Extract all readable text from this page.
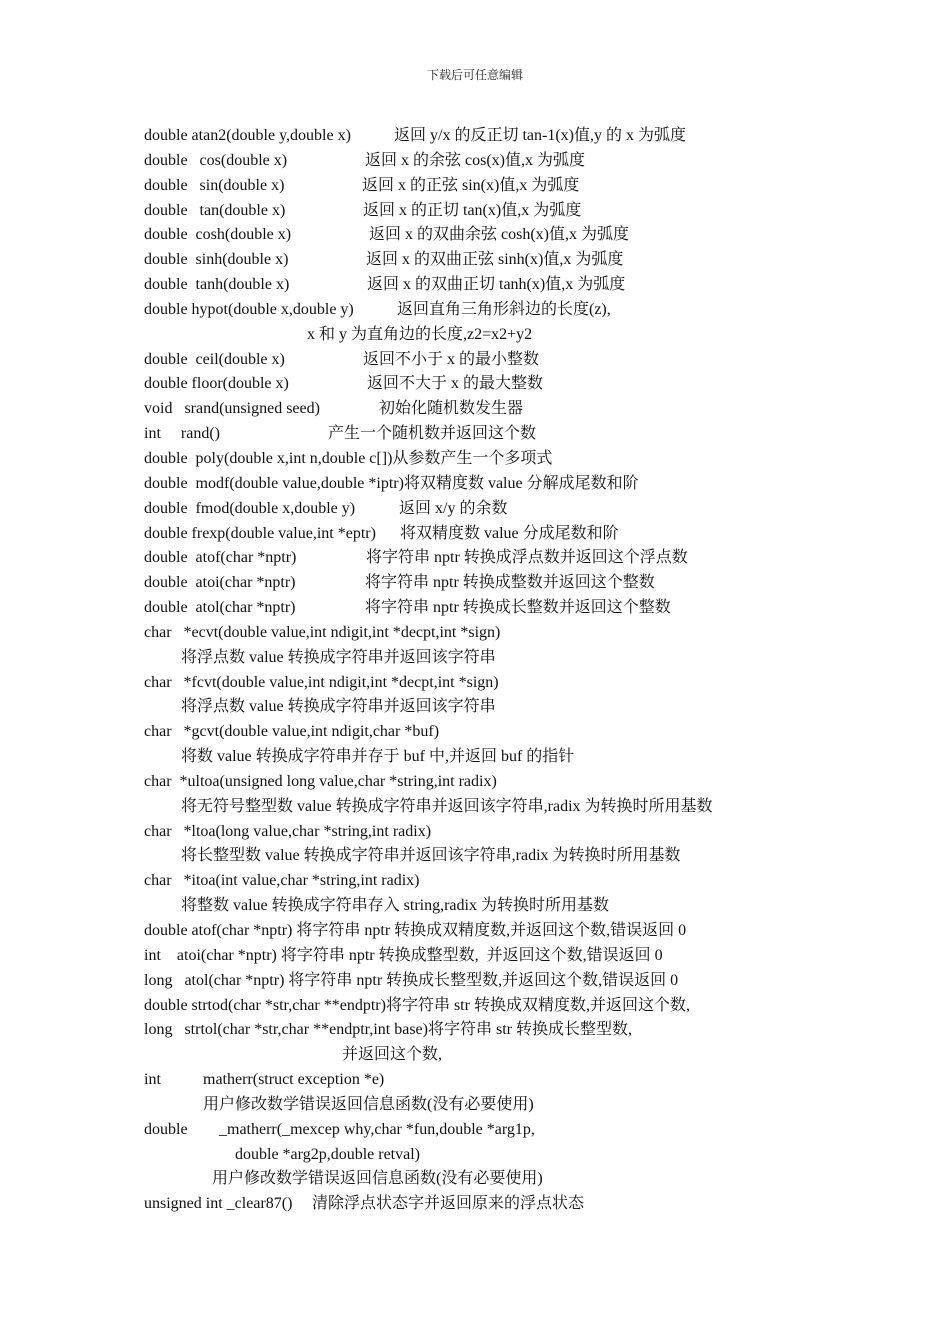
下载后可任意编辑
double atan2(double y,double x)	返回 y/x 的反正切 tan-1(x)值,y 的 x 为弧度
double   cos(double x)	返回 x 的余弦 cos(x)值,x 为弧度
double   sin(double x)	返回 x 的正弦 sin(x)值,x 为弧度
double   tan(double x)	返回 x 的正切 tan(x)值,x 为弧度
double  cosh(double x)	返回 x 的双曲余弦 cosh(x)值,x 为弧度
double  sinh(double x)	返回 x 的双曲正弦 sinh(x)值,x 为弧度
double  tanh(double x)	返回 x 的双曲正切 tanh(x)值,x 为弧度
double hypot(double x,double y)	返回直角三角形斜边的长度(z),
x 和 y 为直角边的长度,z2=x2+y2
double  ceil(double x)	返回不小于 x 的最小整数
double floor(double x)	返回不大于 x 的最大整数
void   srand(unsigned seed)	初始化随机数发生器
int     rand()	产生一个随机数并返回这个数
double  poly(double x,int n,double c[])从参数产生一个多项式
double  modf(double value,double *iptr)将双精度数 value 分解成尾数和阶
double  fmod(double x,double y)	返回 x/y 的余数
double frexp(double value,int *eptr) 将双精度数 value 分成尾数和阶
double  atof(char *nptr)	将字符串 nptr 转换成浮点数并返回这个浮点数
double  atoi(char *nptr)	将字符串 nptr 转换成整数并返回这个整数
double  atol(char *nptr)	将字符串 nptr 转换成长整数并返回这个整数
char   *ecvt(double value,int ndigit,int *decpt,int *sign)
将浮点数 value 转换成字符串并返回该字符串
char   *fcvt(double value,int ndigit,int *decpt,int *sign)
将浮点数 value 转换成字符串并返回该字符串
char   *gcvt(double value,int ndigit,char *buf)
将数 value 转换成字符串并存于 buf 中,并返回 buf 的指针
char  *ultoa(unsigned long value,char *string,int radix)
将无符号整型数 value 转换成字符串并返回该字符串,radix 为转换时所用基数
char   *ltoa(long value,char *string,int radix)
将长整型数 value 转换成字符串并返回该字符串,radix 为转换时所用基数
char   *itoa(int value,char *string,int radix)
将整数 value 转换成字符串存入 string,radix 为转换时所用基数
double atof(char *nptr) 将字符串 nptr 转换成双精度数,并返回这个数,错误返回 0
int    atoi(char *nptr) 将字符串 nptr 转换成整型数,  并返回这个数,错误返回 0
long   atol(char *nptr) 将字符串 nptr 转换成长整型数,并返回这个数,错误返回 0
double strtod(char *str,char **endptr)将字符串 str 转换成双精度数,并返回这个数,
long   strtol(char *str,char **endptr,int base)将字符串 str 转换成长整型数,
并返回这个数,
int	matherr(struct exception *e)
用户修改数学错误返回信息函数(没有必要使用)
double _matherr(_mexcep why,char *fun,double *arg1p,
double *arg2p,double retval)
用户修改数学错误返回信息函数(没有必要使用)
unsigned int _clear87() 清除浮点状态字并返回原来的浮点状态
